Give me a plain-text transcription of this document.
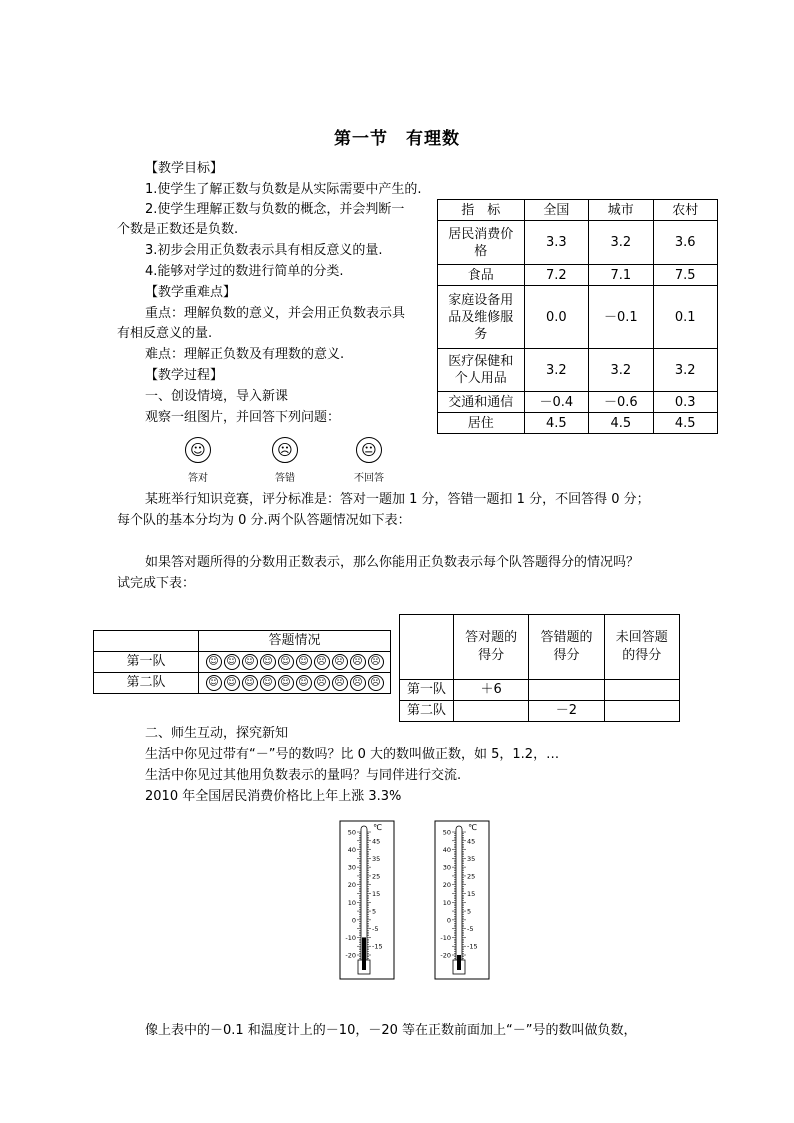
第一节　有理数
【教学目标】
1.使学生了解正数与负数是从实际需要中产生的.
2.使学生理解正数与负数的概念，并会判断一
个数是正数还是负数.
3.初步会用正负数表示具有相反意义的量.
4.能够对学过的数进行简单的分类.
【教学重难点】
重点：理解负数的意义，并会用正负数表示具
有相反意义的量.
难点：理解正负数及有理数的意义.
【教学过程】
一、创设情境，导入新课
观察一组图片，并回答下列问题：
☺
答对
☹
答错
😐
不回答
指　标	全国	城市	农村
居民消费价格	3.3	3.2	3.6
食品	7.2	7.1	7.5
家庭设备用品及维修服务	0.0	－0.1	0.1
医疗保健和个人用品	3.2	3.2	3.2
交通和通信	－0.4	－0.6	0.3
居住	4.5	4.5	4.5
某班举行知识竞赛，评分标准是：答对一题加 1 分，答错一题扣 1 分，不回答得 0 分；
每个队的基本分均为 0 分.两个队答题情况如下表：
如果答对题所得的分数用正数表示，那么你能用正负数表示每个队答题得分的情况吗？
试完成下表：
	答题情况
第一队	☺ ☺ ☺ ☺ ☺ ☺ ☹ ☹ ☹ ☹
第二队	☺ ☺ ☺ ☺ ☺ ☺ ☹ ☹ ☹ ☹
	答对题的得分	答错题的得分	未回答题的得分
第一队	＋6		
第二队		－2	
二、师生互动，探究新知
生活中你见过带有“－”号的数吗？比 0 大的数叫做正数，如 5，1.2，…
生活中你见过其他用负数表示的量吗？与同伴进行交流.
2010 年全国居民消费价格比上年上涨 3.3%
50
40
30
20
10
0
-10
-20
45
35
25
15
5
-5
-15
℃
50
40
30
20
10
0
-10
-20
45
35
25
15
5
-5
-15
℃
像上表中的－0.1 和温度计上的－10，－20 等在正数前面加上“－”号的数叫做负数，
